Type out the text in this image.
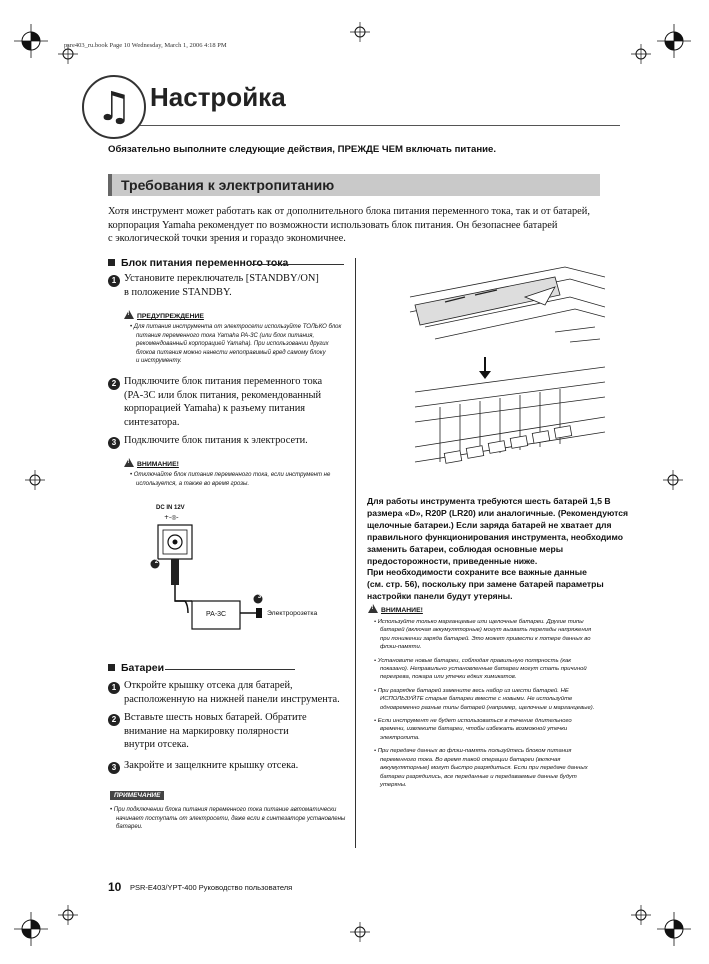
psre403_ru.book Page 10 Wednesday, March 1, 2006 4:18 PM
♫ Настройка
Обязательно выполните следующие действия, ПРЕЖДЕ ЧЕМ включать питание.
Требования к электропитанию
Хотя инструмент может работать как от дополнительного блока питания переменного тока, так и от батарей,
корпорация Yamaha рекомендует по возможности использовать блок питания. Он безопаснее батарей
с экологической точки зрения и гораздо экономичнее.
Блок питания переменного тока
1 Установите переключатель [STANDBY/ON]
в положение STANDBY.
!ПРЕДУПРЕЖДЕНИЕ
• Для питания инструмента от электросети используйте ТОЛЬКО блок
питания переменного тока Yamaha PA-3C (или блок питания,
рекомендованный корпорацией Yamaha). При использовании других
блоков питания можно нанести непоправимый вред самому блоку
и инструменту.
2 Подключите блок питания переменного тока
(PA-3C или блок питания, рекомендованный
корпорацией Yamaha) к разъему питания
синтезатора.
3 Подключите блок питания к электросети.
!ВНИМАНИЕ!
• Отключайте блок питания переменного тока, если инструмент не
используется, а также во время грозы.
DC IN 12V
+-◎-
2
3
PA-3C	Электророзетка
Батареи
1 Откройте крышку отсека для батарей,
расположенную на нижней панели инструмента.
2 Вставьте шесть новых батарей. Обратите
внимание на маркировку полярности
внутри отсека.
3 Закройте и защелкните крышку отсека.
ПРИМЕЧАНИЕ
• При подключении блока питания переменного тока питание автоматически
начинает поступать от электросети, даже если в синтезаторе установлены
батареи.
Для работы инструмента требуются шесть батарей 1,5 В
размера «D», R20P (LR20) или аналогичные. (Рекомендуются
щелочные батареи.) Если заряда батарей не хватает для
правильного функционирования инструмента, необходимо
заменить батареи, соблюдая основные меры
предосторожности, приведенные ниже.
При необходимости сохраните все важные данные
(см. стр. 56), поскольку при замене батарей параметры
настройки панели будут утеряны.
!ВНИМАНИЕ!
• Используйте только марганцевые или щелочные батареи. Другие типы
батарей (включая аккумуляторные) могут вызвать перепады напряжения
при понижении заряда батарей. Это может привести к потере данных во
флэш-памяти.
• Установите новые батареи, соблюдая правильную полярность (как
показано). Неправильно установленные батареи могут стать причиной
перегрева, пожара или утечки едких химикатов.
• При разрядке батарей замените весь набор из шести батарей. НЕ
ИСПОЛЬЗУЙТЕ старые батареи вместе с новыми. Не используйте
одновременно разные типы батарей (например, щелочные и марганцевые).
• Если инструмент не будет использоваться в течение длительного
времени, извлеките батареи, чтобы избежать возможной утечки
электролита.
• При передаче данных во флэш-память пользуйтесь блоком питания
переменного тока. Во время такой операции батареи (включая
аккумуляторные) могут быстро разрядиться. Если при передаче данных
батареи разрядились, все переданные и передаваемые данные будут
утеряны.
10 PSR-E403/YPT-400 Руководство пользователя
